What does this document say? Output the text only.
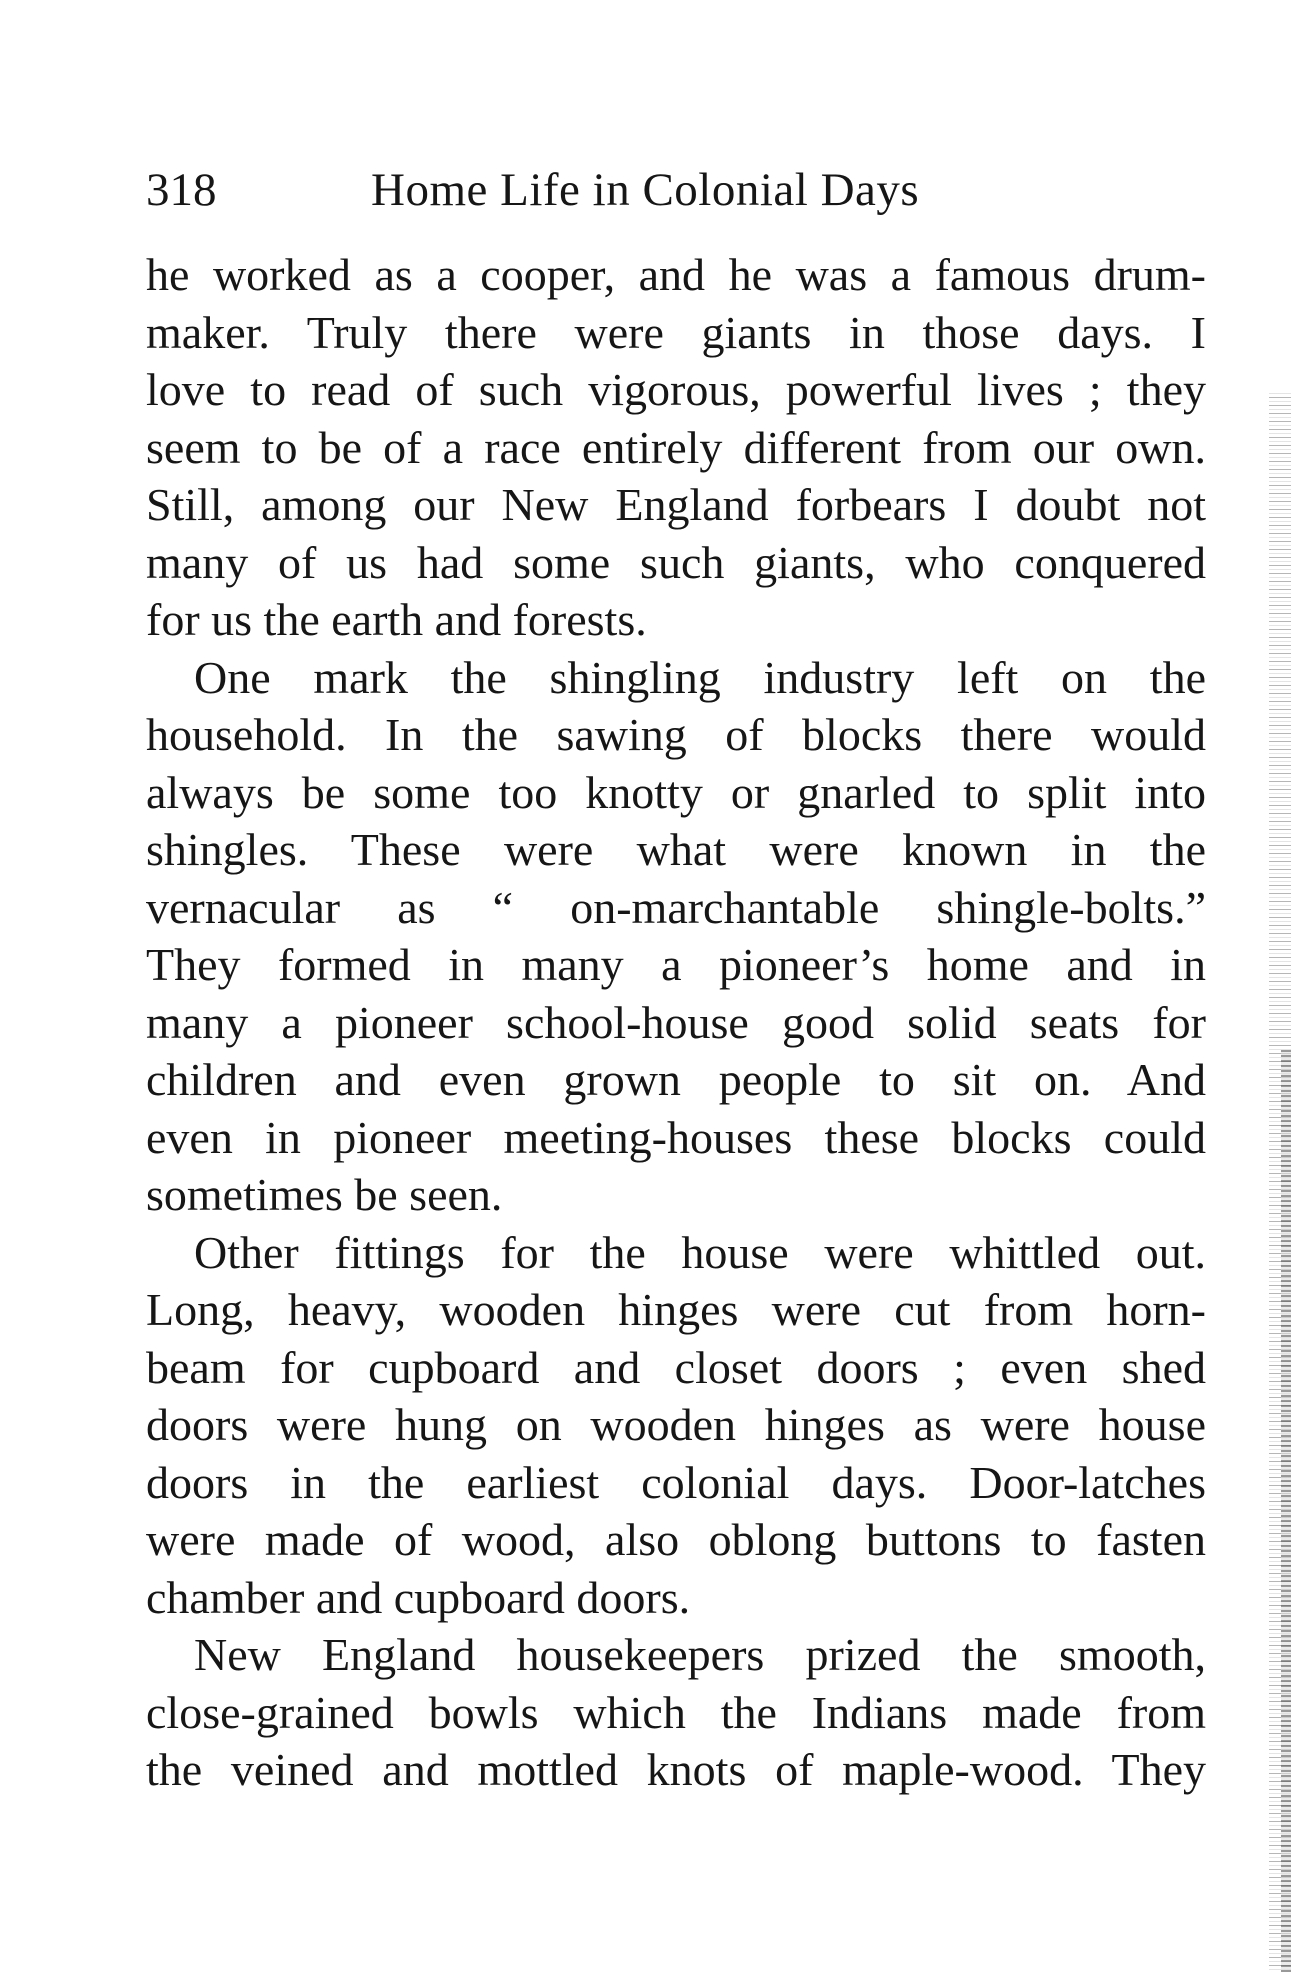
318	Home Life in Colonial Days
he worked as a cooper, and he was a famous drum-
maker. Truly there were giants in those days. I
love to read of such vigorous, powerful lives ; they
seem to be of a race entirely different from our own.
Still, among our New England forbears I doubt not
many of us had some such giants, who conquered
for us the earth and forests.
One mark the shingling industry left on the
household. In the sawing of blocks there would
always be some too knotty or gnarled to split into
shingles. These were what were known in the
vernacular as “ on-marchantable shingle-bolts.”
They formed in many a pioneer’s home and in
many a pioneer school-house good solid seats for
children and even grown people to sit on. And
even in pioneer meeting-houses these blocks could
sometimes be seen.
Other fittings for the house were whittled out.
Long, heavy, wooden hinges were cut from horn-
beam for cupboard and closet doors ; even shed
doors were hung on wooden hinges as were house
doors in the earliest colonial days. Door-latches
were made of wood, also oblong buttons to fasten
chamber and cupboard doors.
New England housekeepers prized the smooth,
close-grained bowls which the Indians made from
the veined and mottled knots of maple-wood. They
